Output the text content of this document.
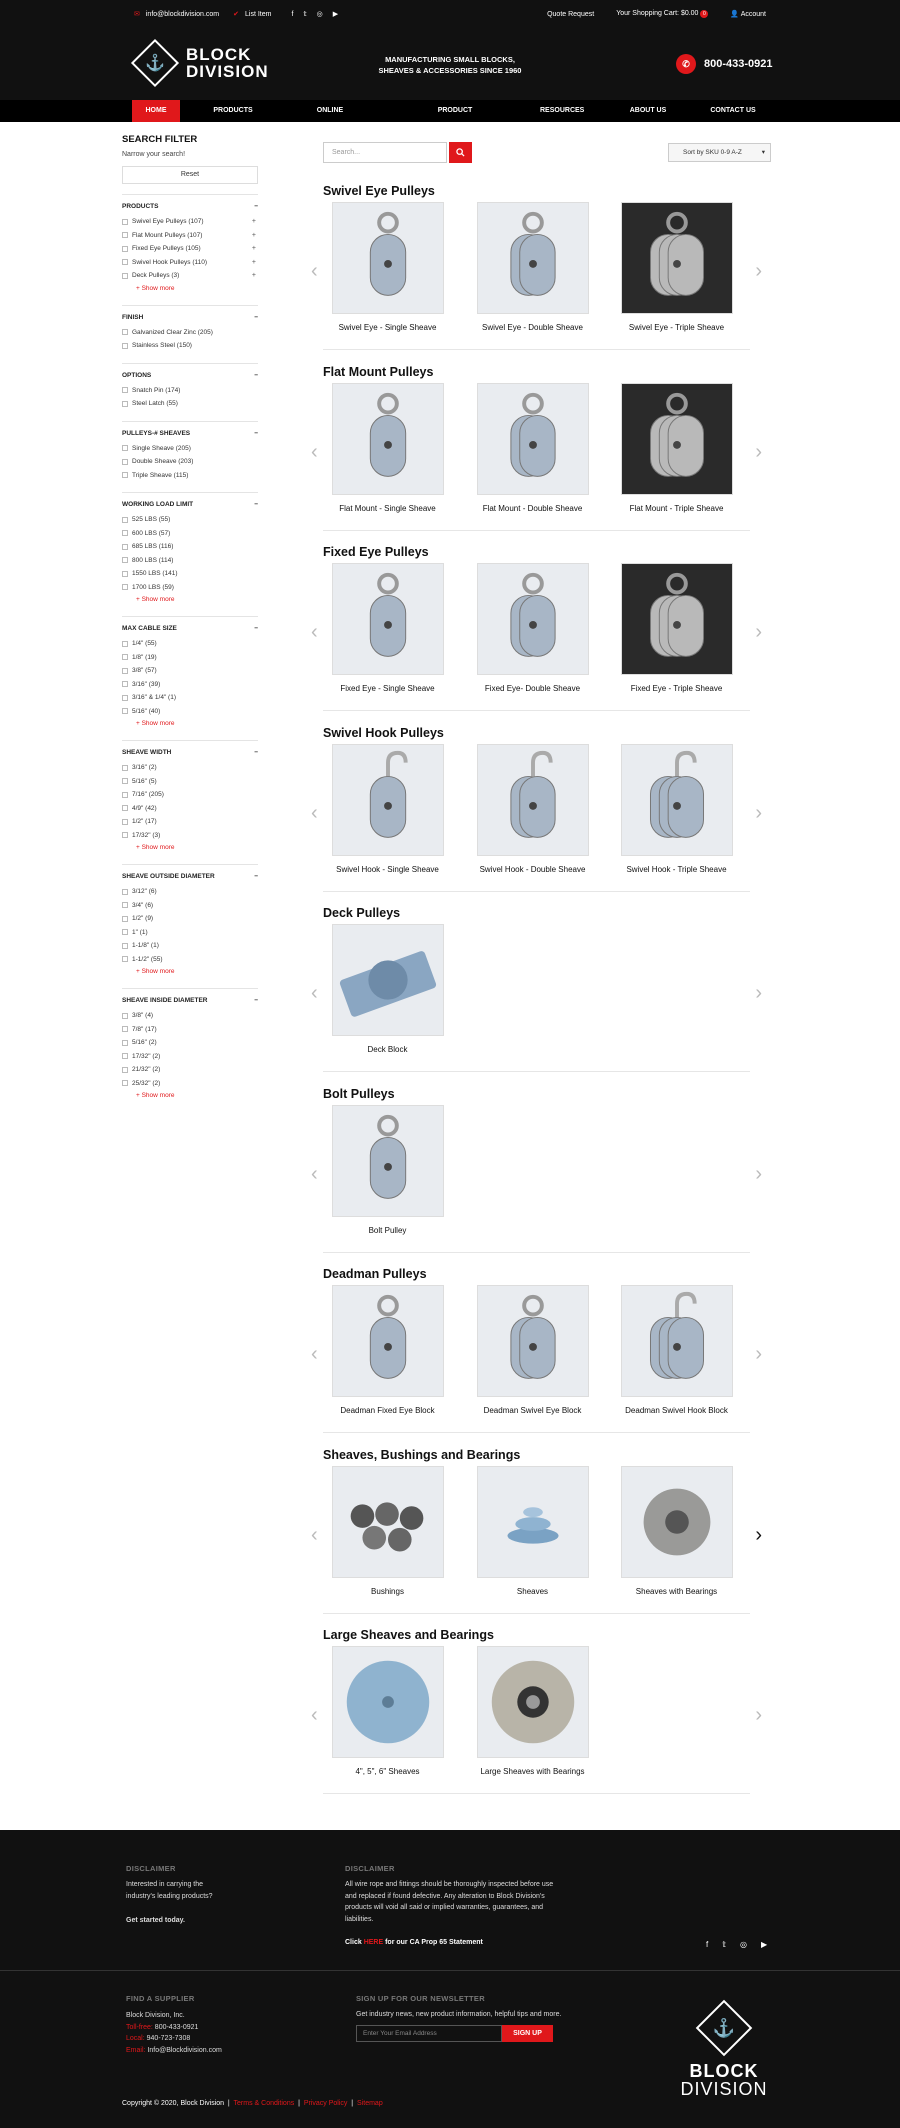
✉ info@blockdivision.com ✔ List Item	f 𝕥 ◎ ▶	Quote Request	Your Shopping Cart: $0.00 0	👤 Account
⚓ BLOCK
DIVISION
MANUFACTURING SMALL BLOCKS,
SHEAVES & ACCESSORIES SINCE 1960
✆	800-433-0921
HOME	PRODUCTS	ONLINE CATALOG ▾
PRODUCT APPLICATION
RESOURCES	ABOUT US	CONTACT US
SEARCH FILTER
Narrow your search!
Reset
PRODUCTS	−
Swivel Eye Pulleys (107)	+
Flat Mount Pulleys (107)	+
Fixed Eye Pulleys (105)	+
Swivel Hook Pulleys (110)	+
Deck Pulleys (3)	+
+ Show more
FINISH	−
Galvanized Clear Zinc (205)
Stainless Steel (150)
OPTIONS	−
Snatch Pin (174)
Steel Latch (55)
PULLEYS-# SHEAVES	−
Single Sheave (205)
Double Sheave (203)
Triple Sheave (115)
WORKING LOAD LIMIT	−
525 LBS (55)
600 LBS (57)
685 LBS (116)
800 LBS (114)
1550 LBS (141)
1700 LBS (59)
+ Show more
MAX CABLE SIZE	−
1/4" (55)
1/8" (19)
3/8" (57)
3/16" (39)
3/16" & 1/4" (1)
5/16" (40)
+ Show more
SHEAVE WIDTH	−
3/16" (2)
5/16" (5)
7/16" (205)
4/9" (42)
1/2" (17)
17/32" (3)
+ Show more
SHEAVE OUTSIDE DIAMETER	−
3/12" (6)
3/4" (6)
1/2" (9)
1" (1)
1-1/8" (1)
1-1/2" (55)
+ Show more
SHEAVE INSIDE DIAMETER	−
3/8" (4)
7/8" (17)
5/16" (2)
17/32" (2)
21/32" (2)
25/32" (2)
+ Show more
Search...	Sort by SKU 0-9 A-Z	▾
Swivel Eye Pulleys
‹
Swivel Eye - Single Sheave	Swivel Eye - Double Sheave	Swivel Eye - Triple Sheave
›
Flat Mount Pulleys
‹
Flat Mount - Single Sheave	Flat Mount - Double Sheave	Flat Mount - Triple Sheave
›
Fixed Eye Pulleys
‹
Fixed Eye - Single Sheave	Fixed Eye- Double Sheave	Fixed Eye - Triple Sheave
›
Swivel Hook Pulleys
‹
Swivel Hook - Single Sheave	Swivel Hook - Double Sheave	Swivel Hook - Triple Sheave
›
Deck Pulleys
‹
Deck Block
›
Bolt Pulleys
‹
Bolt Pulley
›
Deadman Pulleys
‹
Deadman Fixed Eye Block	Deadman Swivel Eye Block	Deadman Swivel Hook Block
›
Sheaves, Bushings and Bearings
‹
Bushings	Sheaves	Sheaves with Bearings
›
Large Sheaves and Bearings
‹
4", 5", 6" Sheaves	Large Sheaves with Bearings
›
DISCLAIMER
Interested in carrying the
industry's leading products?
Get started today.
DISCLAIMER
All wire rope and fittings should be thoroughly inspected before use
and replaced if found defective. Any alteration to Block Division's
products will void all said or implied warranties, guarantees, and
liabilities.
Click HERE for our CA Prop 65 Statement	f 𝕥 ◎ ▶
FIND A SUPPLIER
Block Division, Inc.
Toll-free: 800-433-0921
Local: 940-723-7308
Email: Info@Blockdivision.com
SIGN UP FOR OUR NEWSLETTER
Get industry news, new product information, helpful tips and more.
Enter Your Email Address	SIGN UP	⚓
BLOCK
DIVISION
Copyright © 2020, Block Division  |  Terms & Conditions  |  Privacy Policy  |  Sitemap
